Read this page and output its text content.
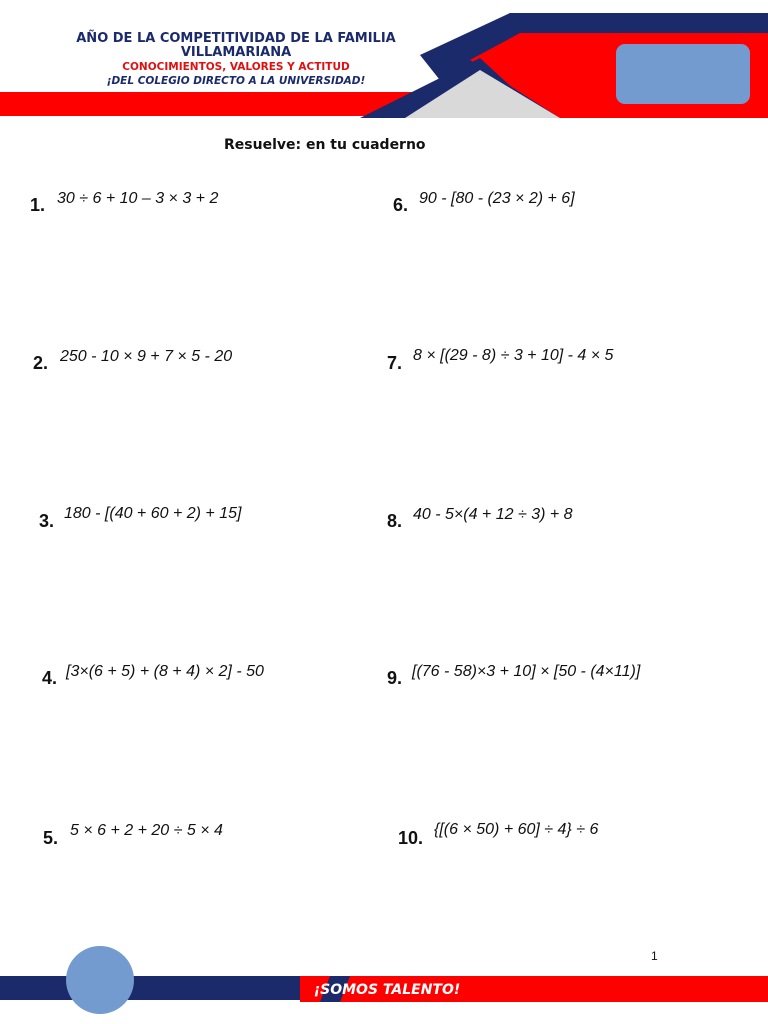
AÑO DE LA COMPETITIVIDAD DE LA FAMILIA
VILLAMARIANA
CONOCIMIENTOS, VALORES Y ACTITUD
¡DEL COLEGIO DIRECTO A LA UNIVERSIDAD!
Resuelve: en tu cuaderno
1. 30 ÷ 6 + 10 – 3 × 3 + 2
2. 250 - 10 × 9 + 7 × 5 - 20
3. 180 - [(40 + 60 + 2) + 15]
4. [3×(6 + 5) + (8 + 4) × 2] - 50
5. 5 × 6 + 2 + 20 ÷ 5 × 4
6. 90 - [80 - (23 × 2) + 6]
7. 8 × [(29 - 8) ÷ 3 + 10] - 4 × 5
8. 40 - 5×(4 + 12 ÷ 3) + 8
9. [(76 - 58)×3 + 10] × [50 - (4×11)]
10. {[(6 × 50) + 60] ÷ 4} ÷ 6
1
¡SOMOS TALENTO!
